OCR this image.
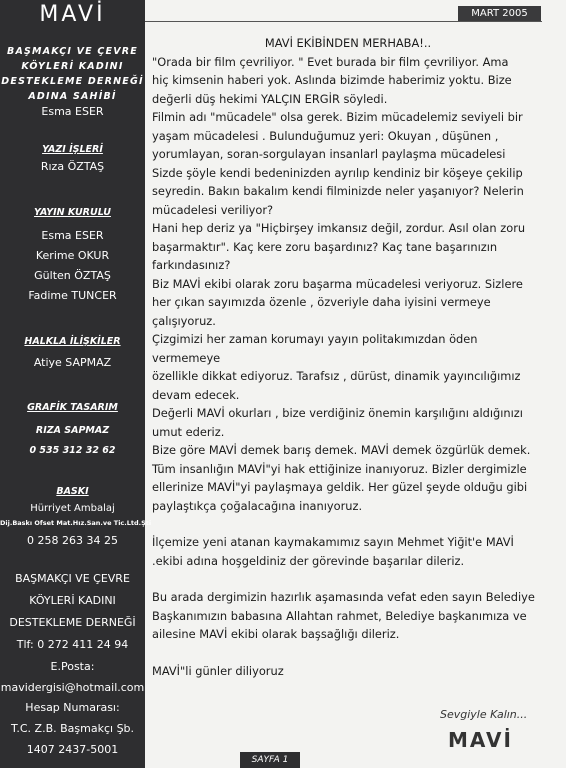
MAVİ
BAŞMAKÇI VE ÇEVRE
KÖYLERİ KADINI
DESTEKLEME DERNEĞİ
ADINA SAHİBİ
Esma ESER
YAZI İŞLERİ
Rıza ÖZTAŞ
YAYIN KURULU
Esma ESER
Kerime OKUR
Gülten ÖZTAŞ
Fadime TUNCER
HALKLA İLİŞKİLER
Atiye SAPMAZ
GRAFİK TASARIM
RIZA SAPMAZ
0 535 312 32 62
BASKI
Hürriyet Ambalaj
Dij.Baskı Ofset Mat.Hız.San.ve Tic.Ltd.Şti
0 258 263 34 25
BAŞMAKÇI VE ÇEVRE
KÖYLERİ KADINI
DESTEKLEME DERNEĞİ
Tlf: 0 272 411 24 94
E.Posta:
mavidergisi@hotmail.com
Hesap Numarası:
T.C. Z.B. Başmakçı Şb.
1407 2437-5001
MART 2005

MAVİ EKİBİNDEN MERHABA!..

"Orada bir film çevriliyor. " Evet burada bir film çevriliyor. Ama

hiç kimsenin haberi yok. Aslında bizimde haberimiz yoktu. Bize

değerli düş hekimi YALÇIN ERGİR söyledi.

Filmin adı "mücadele" olsa gerek. Bizim mücadelemiz seviyeli bir

yaşam mücadelesi . Bulunduğumuz yeri: Okuyan , düşünen ,

yorumlayan, soran-sorgulayan insanlarl paylaşma mücadelesi

Sizde şöyle kendi bedeninizden ayrılıp kendiniz bir köşeye çekilip

seyredin. Bakın bakalım kendi filminizde neler yaşanıyor? Nelerin

mücadelesi veriliyor?

Hani hep deriz ya "Hiçbirşey imkansız değil, zordur. Asıl olan zoru

başarmaktır". Kaç kere zoru başardınız? Kaç tane başarınızın

farkındasınız?

Biz MAVİ ekibi olarak zoru başarma mücadelesi veriyoruz. Sizlere

her çıkan sayımızda özenle , özveriyle daha iyisini vermeye

çalışıyoruz.

Çizgimizi her zaman korumayı yayın politakımızdan öden vermemeye

özellikle dikkat ediyoruz. Tarafsız , dürüst, dinamik yayıncılığımız

devam edecek.

Değerli MAVİ okurları , bize verdiğiniz önemin karşılığını aldığınızı

umut ederiz.

Bize göre MAVİ demek barış demek. MAVİ demek özgürlük demek.

Tüm insanlığın MAVİ"yi hak ettiğinize inanıyoruz. Bizler dergimizle

ellerinize MAVİ"yi paylaşmaya geldik. Her güzel şeyde olduğu gibi

paylaştıkça çoğalacağına inanıyoruz.

İlçemize yeni atanan kaymakamımız sayın Mehmet Yiğit'e MAVİ
.ekibi adına hoşgeldiniz der görevinde başarılar dileriz.

Bu arada dergimizin hazırlık aşamasında vefat eden sayın Belediye
Başkanımızın babasına Allahtan rahmet, Belediye başkanımıza ve
ailesine MAVİ ekibi olarak başsağlığı dileriz.

MAVİ"li günler diliyoruz

Sevgiyle Kalın...
MAVİ
SAYFA 1
